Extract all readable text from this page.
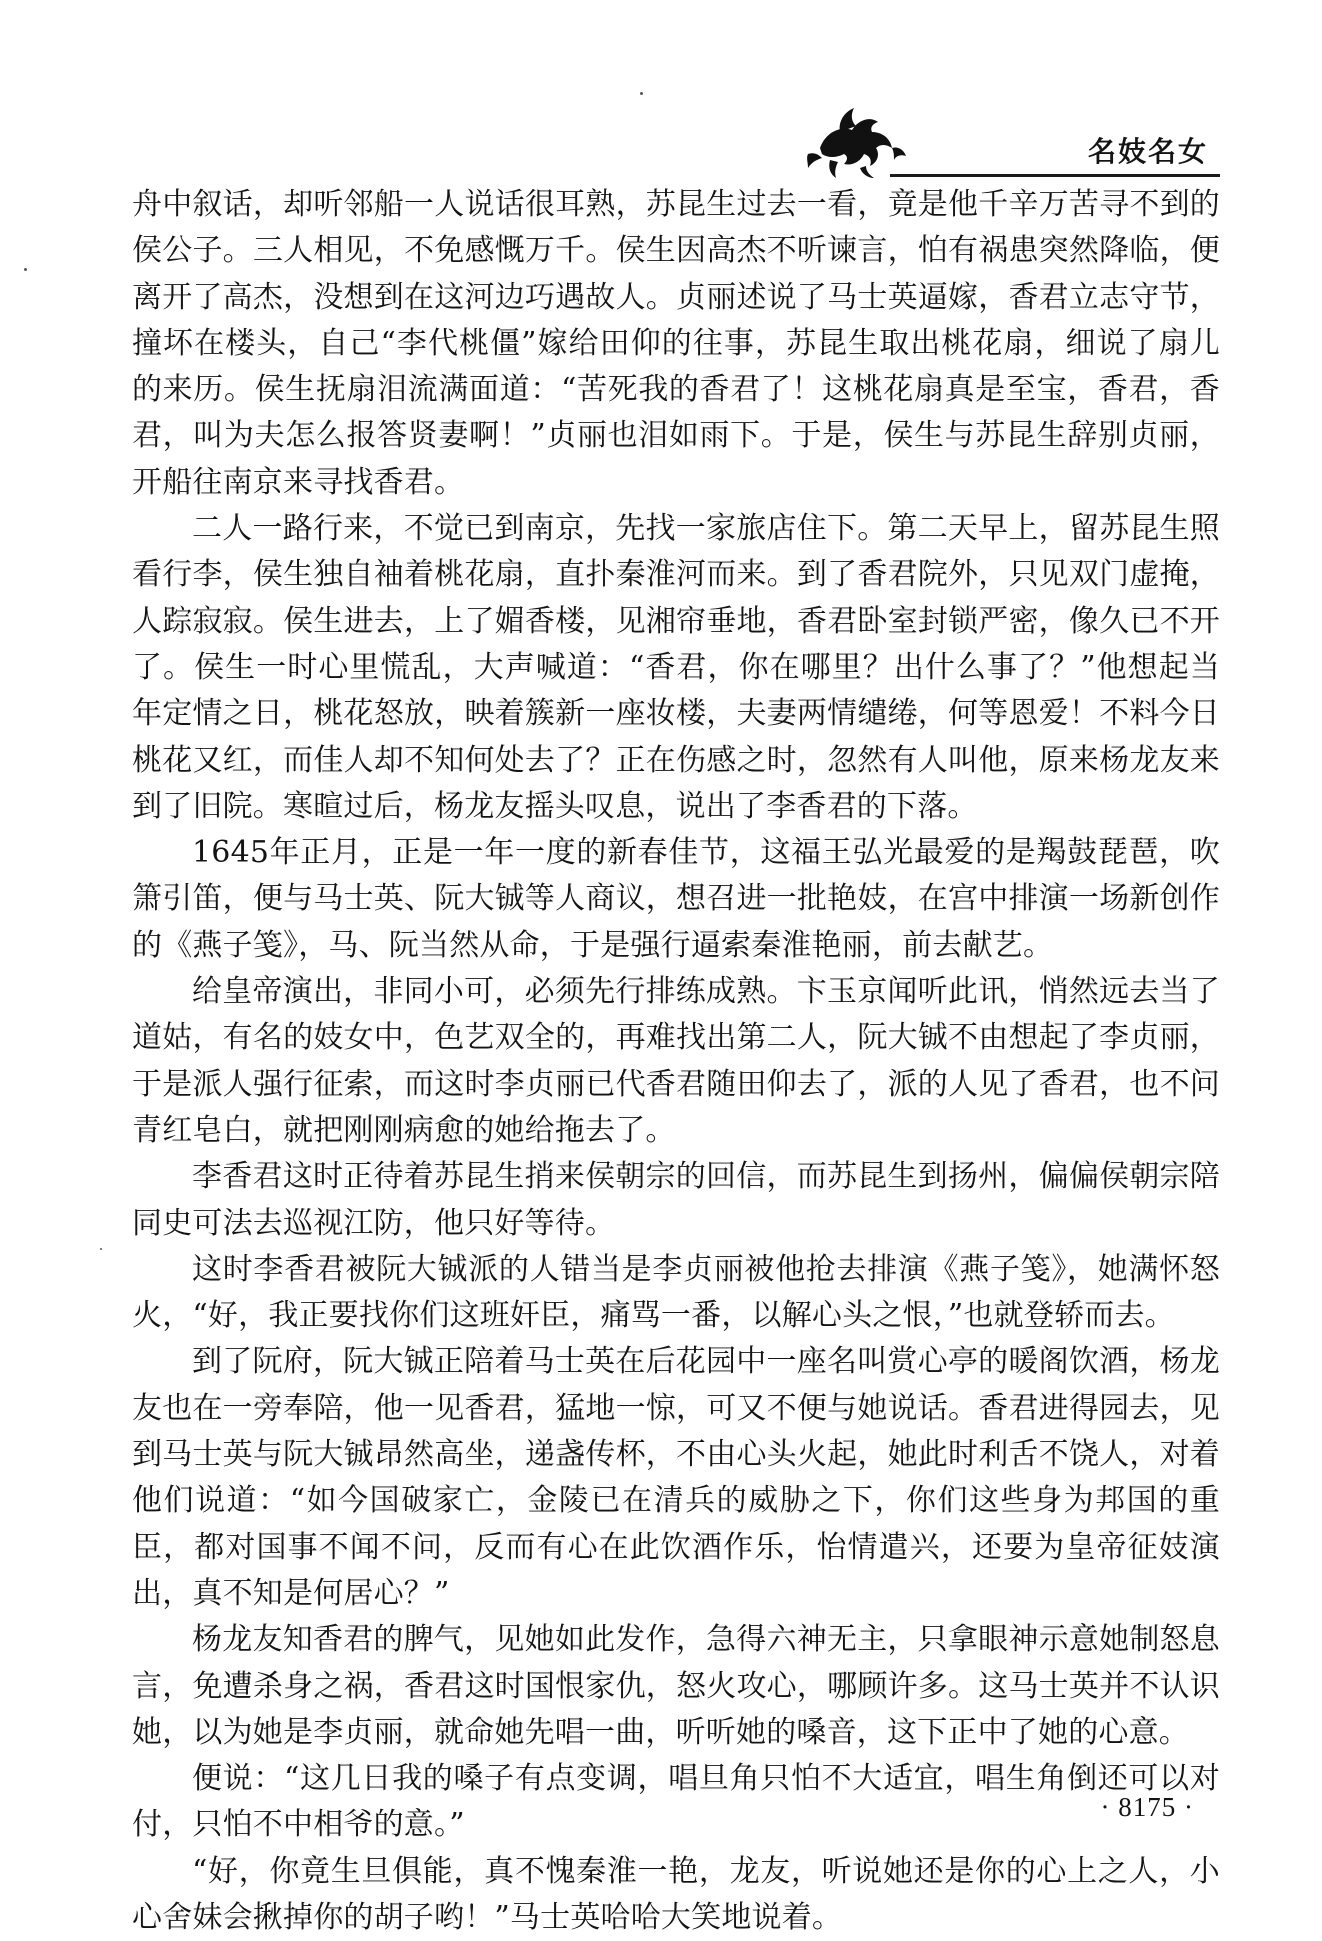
名妓名女

舟中叙话，却听邻船一人说话很耳熟，苏昆生过去一看，竟是他千辛万苦寻不到的侯公子。三人相见，不免感慨万千。侯生因高杰不听谏言，怕有祸患突然降临，便离开了高杰，没想到在这河边巧遇故人。贞丽述说了马士英逼嫁，香君立志守节，撞坏在楼头，自己“李代桃僵”嫁给田仰的往事，苏昆生取出桃花扇，细说了扇儿的来历。侯生抚扇泪流满面道：“苦死我的香君了！这桃花扇真是至宝，香君，香君，叫为夫怎么报答贤妻啊！”贞丽也泪如雨下。于是，侯生与苏昆生辞别贞丽，开船往南京来寻找香君。

二人一路行来，不觉已到南京，先找一家旅店住下。第二天早上，留苏昆生照看行李，侯生独自袖着桃花扇，直扑秦淮河而来。到了香君院外，只见双门虚掩，人踪寂寂。侯生进去，上了媚香楼，见湘帘垂地，香君卧室封锁严密，像久已不开了。侯生一时心里慌乱，大声喊道：“香君，你在哪里？出什么事了？”他想起当年定情之日，桃花怒放，映着簇新一座妆楼，夫妻两情缱绻，何等恩爱！不料今日桃花又红，而佳人却不知何处去了？正在伤感之时，忽然有人叫他，原来杨龙友来到了旧院。寒暄过后，杨龙友摇头叹息，说出了李香君的下落。

1645年正月，正是一年一度的新春佳节，这福王弘光最爱的是羯鼓琵琶，吹箫引笛，便与马士英、阮大铖等人商议，想召进一批艳妓，在宫中排演一场新创作的《燕子笺》，马、阮当然从命，于是强行逼索秦淮艳丽，前去献艺。

给皇帝演出，非同小可，必须先行排练成熟。卞玉京闻听此讯，悄然远去当了道姑，有名的妓女中，色艺双全的，再难找出第二人，阮大铖不由想起了李贞丽，于是派人强行征索，而这时李贞丽已代香君随田仰去了，派的人见了香君，也不问青红皂白，就把刚刚病愈的她给拖去了。

李香君这时正待着苏昆生捎来侯朝宗的回信，而苏昆生到扬州，偏偏侯朝宗陪同史可法去巡视江防，他只好等待。

这时李香君被阮大铖派的人错当是李贞丽被他抢去排演《燕子笺》，她满怀怒火，“好，我正要找你们这班奸臣，痛骂一番，以解心头之恨，”也就登轿而去。

到了阮府，阮大铖正陪着马士英在后花园中一座名叫赏心亭的暖阁饮酒，杨龙友也在一旁奉陪，他一见香君，猛地一惊，可又不便与她说话。香君进得园去，见到马士英与阮大铖昂然高坐，递盏传杯，不由心头火起，她此时利舌不饶人，对着他们说道：“如今国破家亡，金陵已在清兵的威胁之下，你们这些身为邦国的重臣，都对国事不闻不问，反而有心在此饮酒作乐，怡情遣兴，还要为皇帝征妓演出，真不知是何居心？”

杨龙友知香君的脾气，见她如此发作，急得六神无主，只拿眼神示意她制怒息言，免遭杀身之祸，香君这时国恨家仇，怒火攻心，哪顾许多。这马士英并不认识她，以为她是李贞丽，就命她先唱一曲，听听她的嗓音，这下正中了她的心意。

便说：“这几日我的嗓子有点变调，唱旦角只怕不大适宜，唱生角倒还可以对付，只怕不中相爷的意。”

“好，你竟生旦俱能，真不愧秦淮一艳，龙友，听说她还是你的心上之人，小心舍妹会揪掉你的胡子哟！”马士英哈哈大笑地说着。

· 8175 ·
